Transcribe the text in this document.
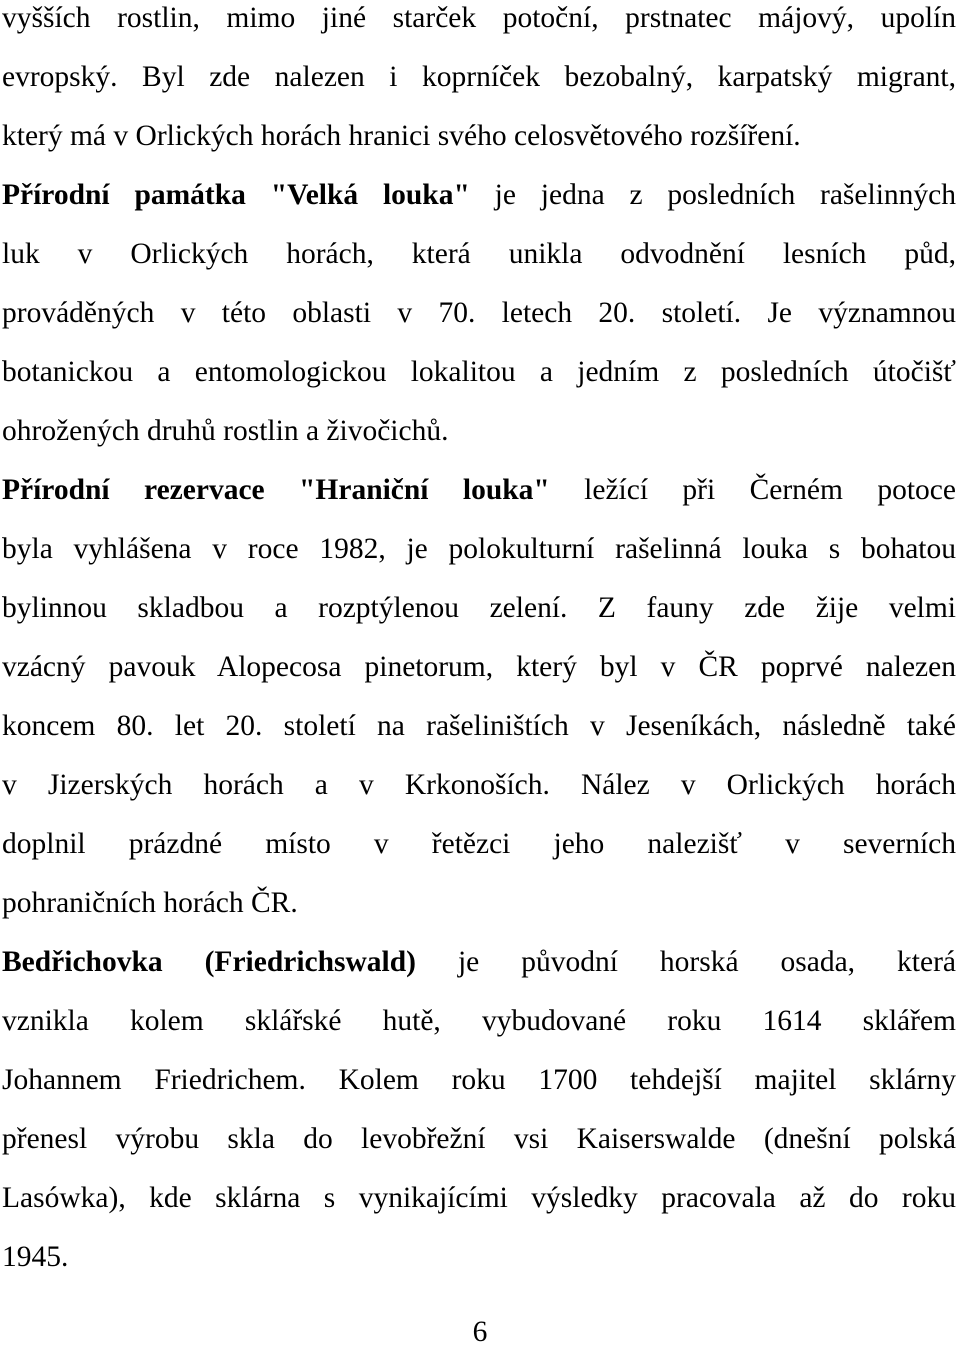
vyšších rostlin, mimo jiné starček potoční, prstnatec májový, upolín
evropský. Byl zde nalezen i koprníček bezobalný, karpatský migrant,
který má v Orlických horách hranici svého celosvětového rozšíření.
Přírodní památka "Velká louka" je jedna z posledních rašelinných
luk v Orlických horách, která unikla odvodnění lesních půd,
prováděných v této oblasti v 70. letech 20. století. Je významnou
botanickou a entomologickou lokalitou a jedním z posledních útočišť
ohrožených druhů rostlin a živočichů.
Přírodní rezervace "Hraniční louka" ležící při Černém potoce
byla vyhlášena v roce 1982, je polokulturní rašelinná louka s bohatou
bylinnou skladbou a rozptýlenou zelení. Z fauny zde žije velmi
vzácný pavouk Alopecosa pinetorum, který byl v ČR poprvé nalezen
koncem 80. let 20. století na rašeliništích v Jeseníkách, následně také
v Jizerských horách a v Krkonoších. Nález v Orlických horách
doplnil prázdné místo v řetězci jeho nalezišť v severních
pohraničních horách ČR.
Bedřichovka (Friedrichswald) je původní horská osada, která
vznikla kolem sklářské hutě, vybudované roku 1614 sklářem
Johannem Friedrichem. Kolem roku 1700 tehdejší majitel sklárny
přenesl výrobu skla do levobřežní vsi Kaiserswalde (dnešní polská
Lasówka), kde sklárna s vynikajícími výsledky pracovala až do roku
1945.
6
